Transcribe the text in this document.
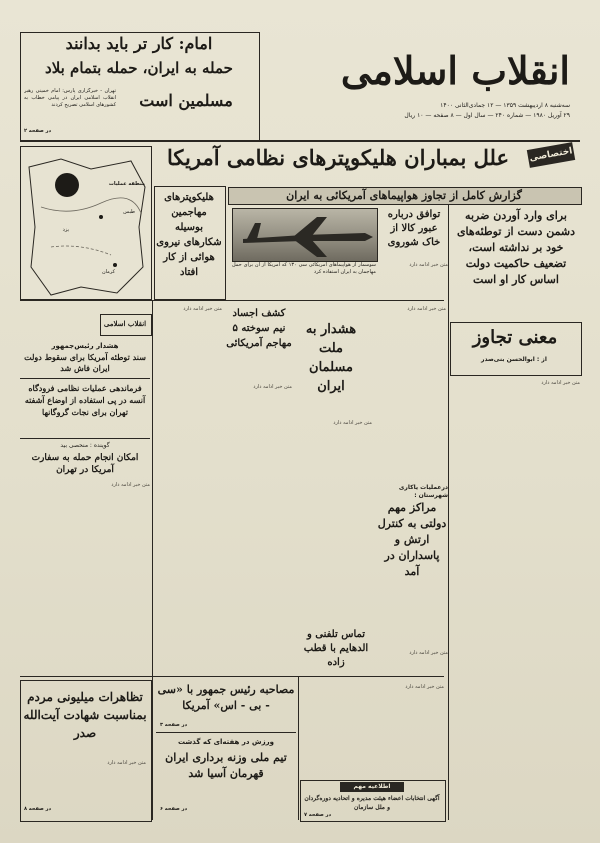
انقلاب اسلامی
سه‌شنبه ۸ اردیبهشت ۱۳۵۹ — ۱۲ جمادی‌الثانی ۱۴۰۰
۲۹ آوریل ۱۹۸۰ — شماره ۲۴۰ — سال اول — ۸ صفحه — ۱۰ ریال
امام: کار تر باید بدانند
حمله به ایران، حمله بتمام بلاد
مسلمین است
تهران - خبرگزاری پارس: امام خمینی رهبر انقلاب اسلامی ایران در پیامی خطاب به کشورهای اسلامی تصریح کردند
در صفحه ۲
اختصاصی
علل بمباران هلیکوپترهای نظامی آمریکا
گزارش کامل از تجاوز هواپیماهای آمریکائی به ایران
منطقه عملیات
طبس
یزد
کرمان
هلیکوپترهای مهاجمین بوسیله شکارهای نیروی هوائی از کار افتاد
سوسمار از هواپیماهای آمریکائی سی ۱۳۰ که آمریکا از آن برای حمل مهاجمان به ایران استفاده کرد
توافق درباره عبور کالا از خاک شوروی
متن خبر ادامه دارد
برای وارد آوردن ضربه دشمن دست از توطئه‌های خود بر نداشته است، تضعیف حاکمیت دولت اساس کار او است
معنی تجاوز
از : ابوالحسن بنی‌صدر
متن خبر ادامه دارد
هشدار به ملت مسلمان ایران
متن خبر ادامه دارد
متن خبر ادامه دارد
کشف اجساد نیم سوخته ۵ مهاجم آمریکائی
متن خبر ادامه دارد
متن خبر ادامه دارد
انقلاب اسلامی
هشدار رئیس‌جمهور
سند توطئه آمریکا برای سقوط دولت ایران فاش شد
فرماندهی عملیات نظامی فرودگاه آنسه در پی استفاده از اوضاع آشفته تهران برای نجات گروگانها
گوینده : منحصی بید
امکان انجام حمله به سفارت آمریکا در تهران
متن خبر ادامه دارد
تماس تلفنی و الدهایم با قطب زاده
درعملیات یاکاری شهرستان :
مراکز مهم دولتی به کنترل ارتش و پاسداران در آمد
متن خبر ادامه دارد
تظاهرات میلیونی مردم بمناسبت شهادت آیت‌الله صدر
متن خبر ادامه دارد
در صفحه ۸
مصاحبه رئیس جمهور با «سی - بی - اس» آمریکا
در صفحه ۳
ورزش در هفته‌ای که گذشت
تیم ملی وزنه برداری ایران قهرمان آسیا شد
در صفحه ۶
اطلاعیه مهم
آگهی انتخابات اعضاء هیئت مدیره و اتحادیه دوره‌گردان و ملل سازمان
در صفحه ۷
متن خبر ادامه دارد
